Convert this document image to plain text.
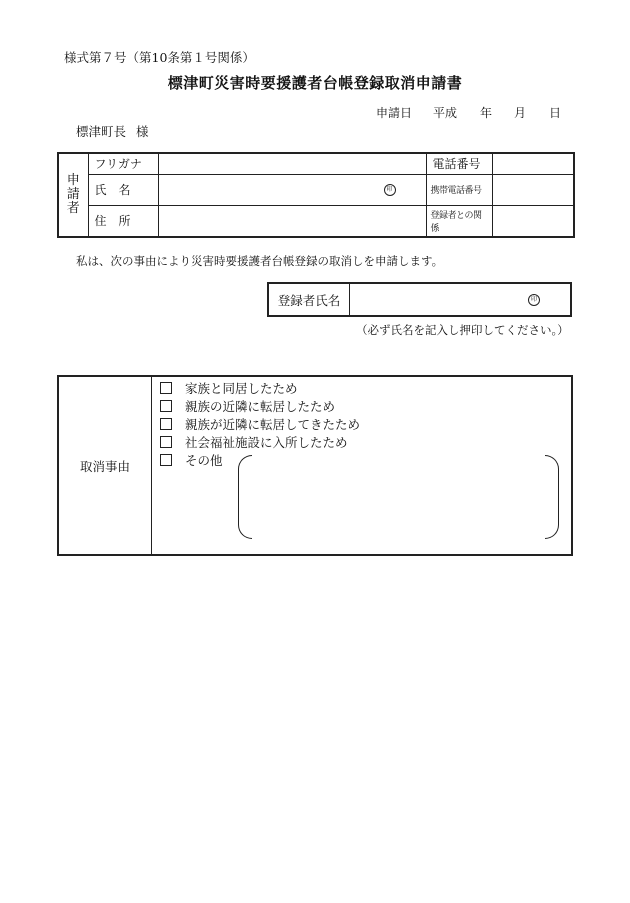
様式第７号（第10条第１号関係）
標津町災害時要援護者台帳登録取消申請書
申請日 平成 年 月 日
標津町長 様
申請者	フリガナ		電話番号	
	氏　名	印	携帯電話番号	
	住　所		登録者との関係	
私は、次の事由により災害時要援護者台帳登録の取消しを申請します。
登録者氏名	印
（必ず氏名を記入し押印してください。）
取消事由
家族と同居したため
親族の近隣に転居したため
親族が近隣に転居してきたため
社会福祉施設に入所したため
その他
